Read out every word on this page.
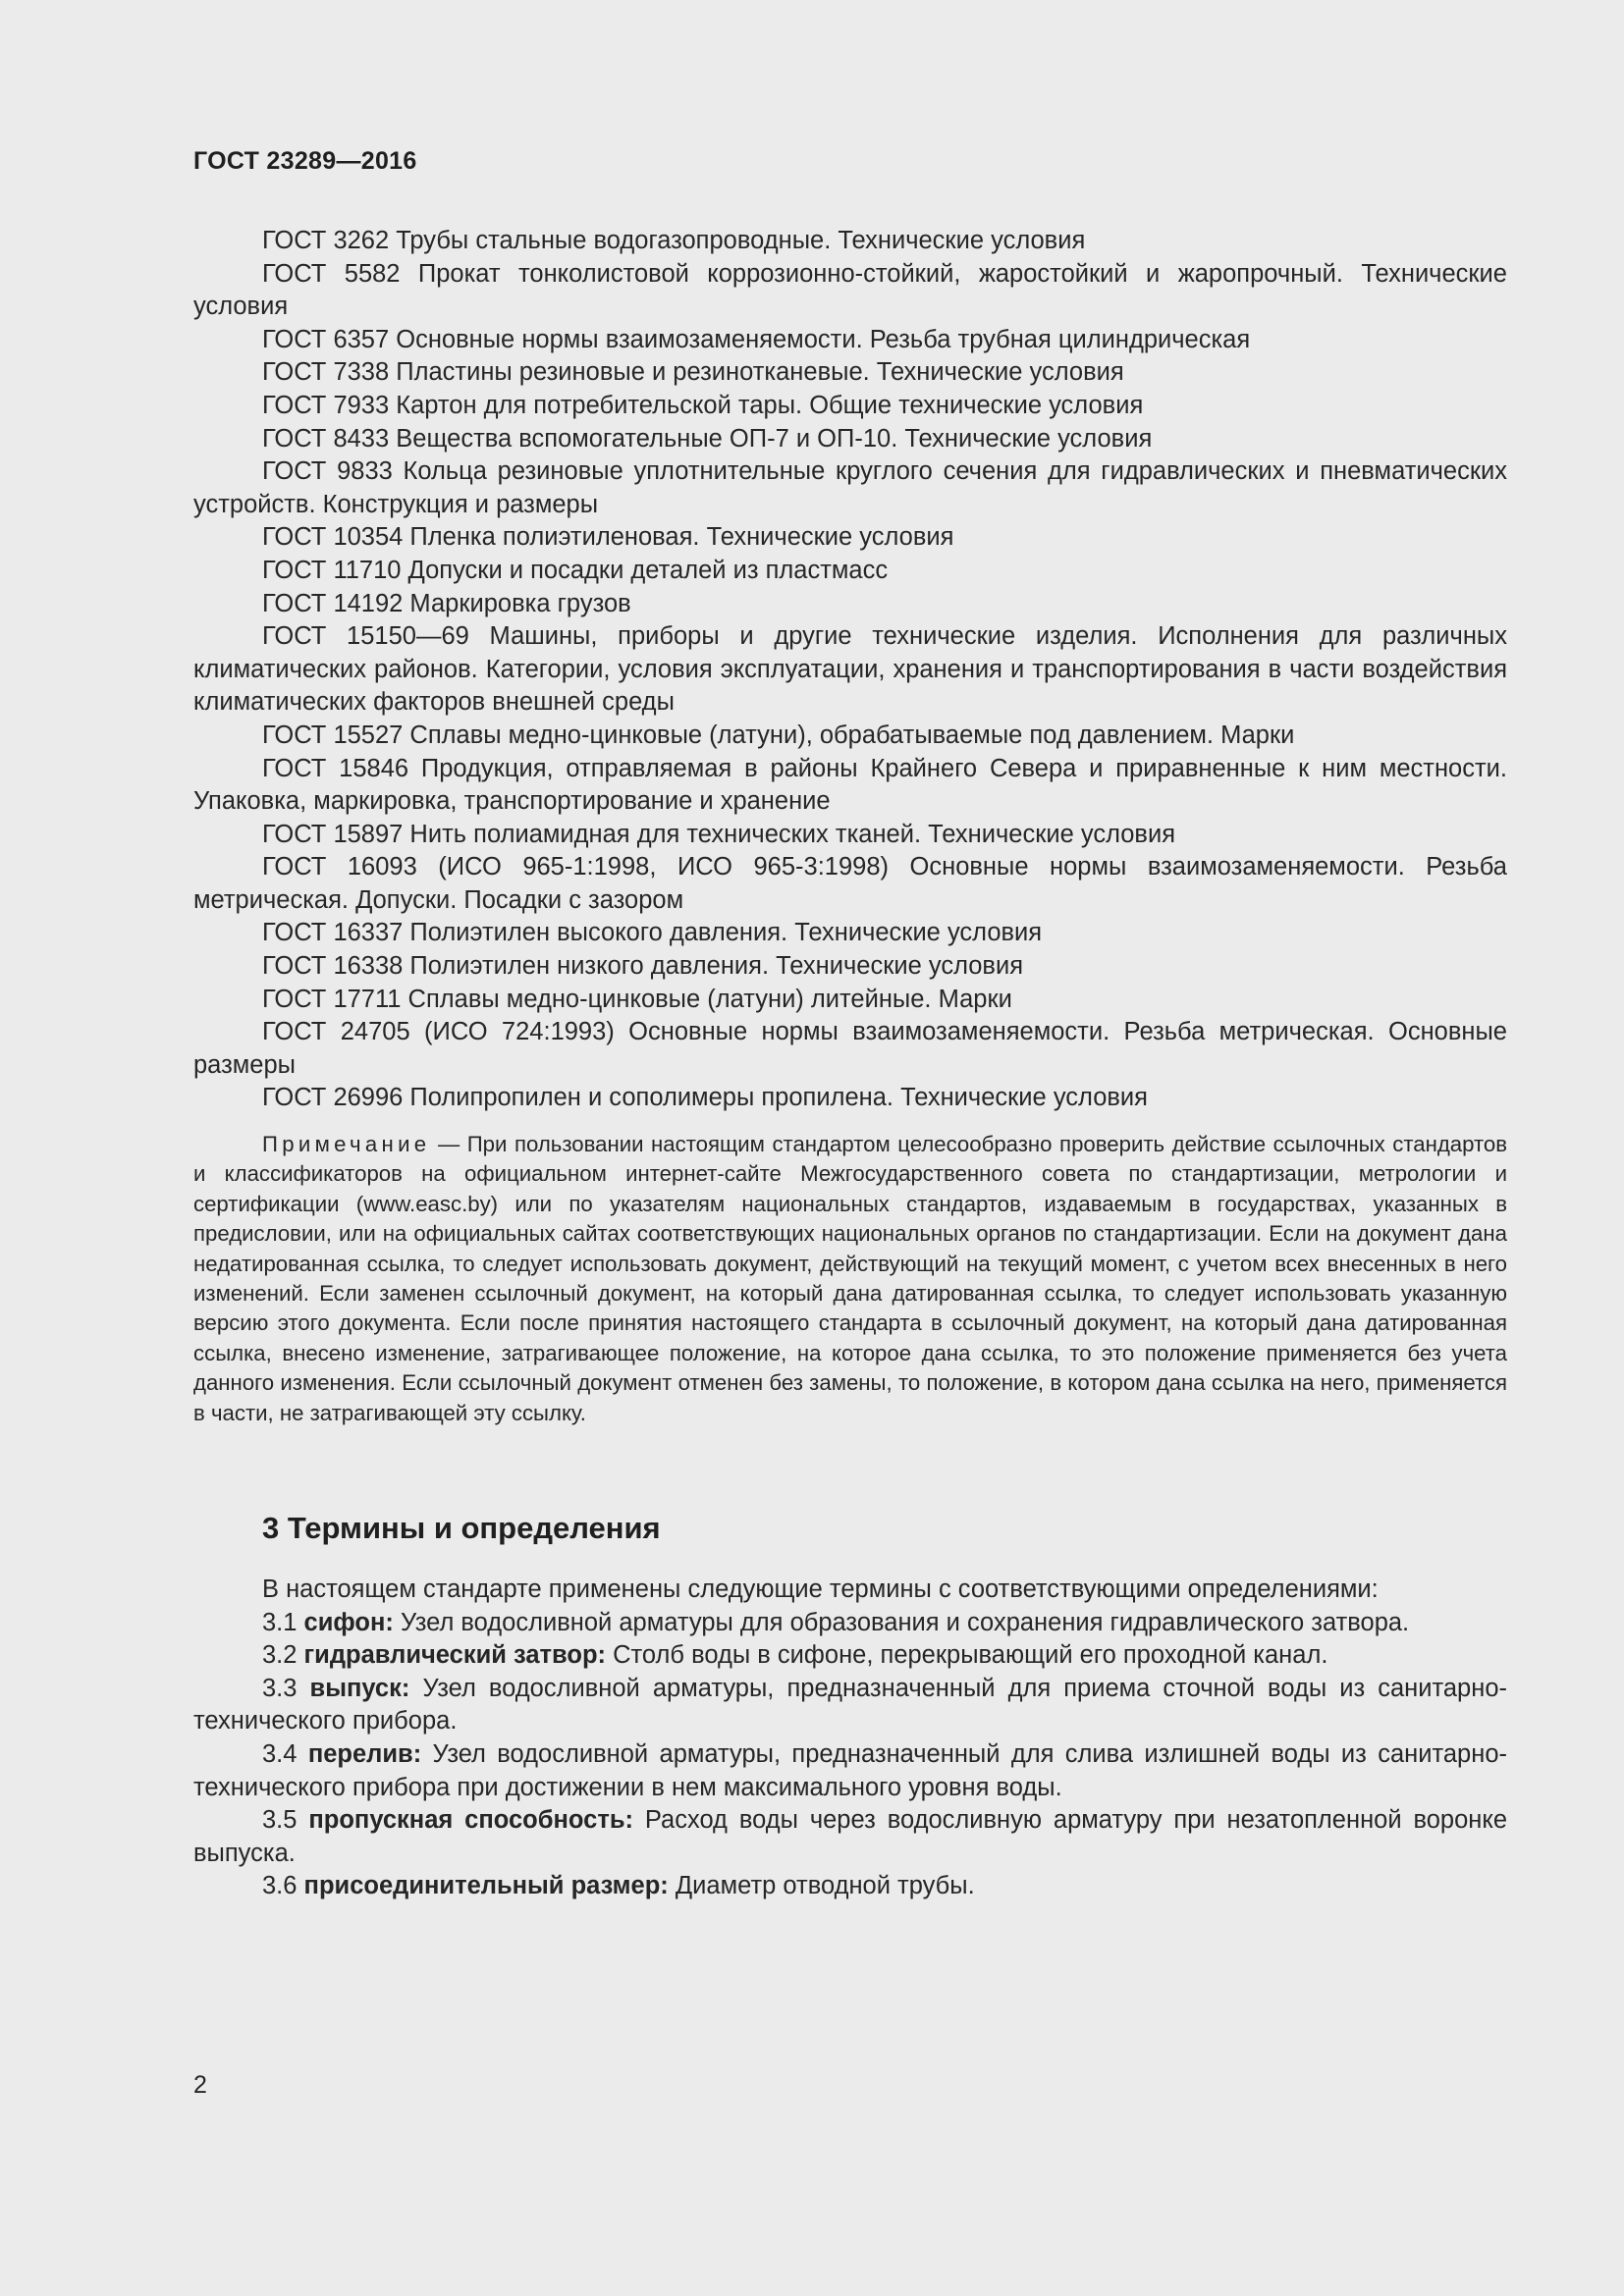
ГОСТ 23289—2016

ГОСТ 3262 Трубы стальные водогазопроводные. Технические условия

ГОСТ 5582 Прокат тонколистовой коррозионно-стойкий, жаростойкий и жаропрочный. Технические условия

ГОСТ 6357 Основные нормы взаимозаменяемости. Резьба трубная цилиндрическая

ГОСТ 7338 Пластины резиновые и резинотканевые. Технические условия

ГОСТ 7933 Картон для потребительской тары. Общие технические условия

ГОСТ 8433 Вещества вспомогательные ОП-7 и ОП-10. Технические условия

ГОСТ 9833 Кольца резиновые уплотнительные круглого сечения для гидравлических и пневматических устройств. Конструкция и размеры

ГОСТ 10354 Пленка полиэтиленовая. Технические условия

ГОСТ 11710 Допуски и посадки деталей из пластмасс

ГОСТ 14192 Маркировка грузов

ГОСТ 15150—69 Машины, приборы и другие технические изделия. Исполнения для различных климатических районов. Категории, условия эксплуатации, хранения и транспортирования в части воздействия климатических факторов внешней среды

ГОСТ 15527 Сплавы медно-цинковые (латуни), обрабатываемые под давлением. Марки

ГОСТ 15846 Продукция, отправляемая в районы Крайнего Севера и приравненные к ним местности. Упаковка, маркировка, транспортирование и хранение

ГОСТ 15897 Нить полиамидная для технических тканей. Технические условия

ГОСТ 16093 (ИСО 965-1:1998, ИСО 965-3:1998) Основные нормы взаимозаменяемости. Резьба метрическая. Допуски. Посадки с зазором

ГОСТ 16337 Полиэтилен высокого давления. Технические условия

ГОСТ 16338 Полиэтилен низкого давления. Технические условия

ГОСТ 17711 Сплавы медно-цинковые (латуни) литейные. Марки

ГОСТ 24705 (ИСО 724:1993) Основные нормы взаимозаменяемости. Резьба метрическая. Основные размеры

ГОСТ 26996 Полипропилен и сополимеры пропилена. Технические условия

Примечание — При пользовании настоящим стандартом целесообразно проверить действие ссылочных стандартов и классификаторов на официальном интернет-сайте Межгосударственного совета по стандартизации, метрологии и сертификации (www.easc.by) или по указателям национальных стандартов, издаваемым в государствах, указанных в предисловии, или на официальных сайтах соответствующих национальных органов по стандартизации. Если на документ дана недатированная ссылка, то следует использовать документ, действующий на текущий момент, с учетом всех внесенных в него изменений. Если заменен ссылочный документ, на который дана датированная ссылка, то следует использовать указанную версию этого документа. Если после принятия настоящего стандарта в ссылочный документ, на который дана датированная ссылка, внесено изменение, затрагивающее положение, на которое дана ссылка, то это положение применяется без учета данного изменения. Если ссылочный документ отменен без замены, то положение, в котором дана ссылка на него, применяется в части, не затрагивающей эту ссылку.

3 Термины и определения

В настоящем стандарте применены следующие термины с соответствующими определениями:

3.1 сифон: Узел водосливной арматуры для образования и сохранения гидравлического затвора.

3.2 гидравлический затвор: Столб воды в сифоне, перекрывающий его проходной канал.

3.3 выпуск: Узел водосливной арматуры, предназначенный для приема сточной воды из санитарно-технического прибора.

3.4 перелив: Узел водосливной арматуры, предназначенный для слива излишней воды из санитарно-технического прибора при достижении в нем максимального уровня воды.

3.5 пропускная способность: Расход воды через водосливную арматуру при незатопленной воронке выпуска.

3.6 присоединительный размер: Диаметр отводной трубы.

2
